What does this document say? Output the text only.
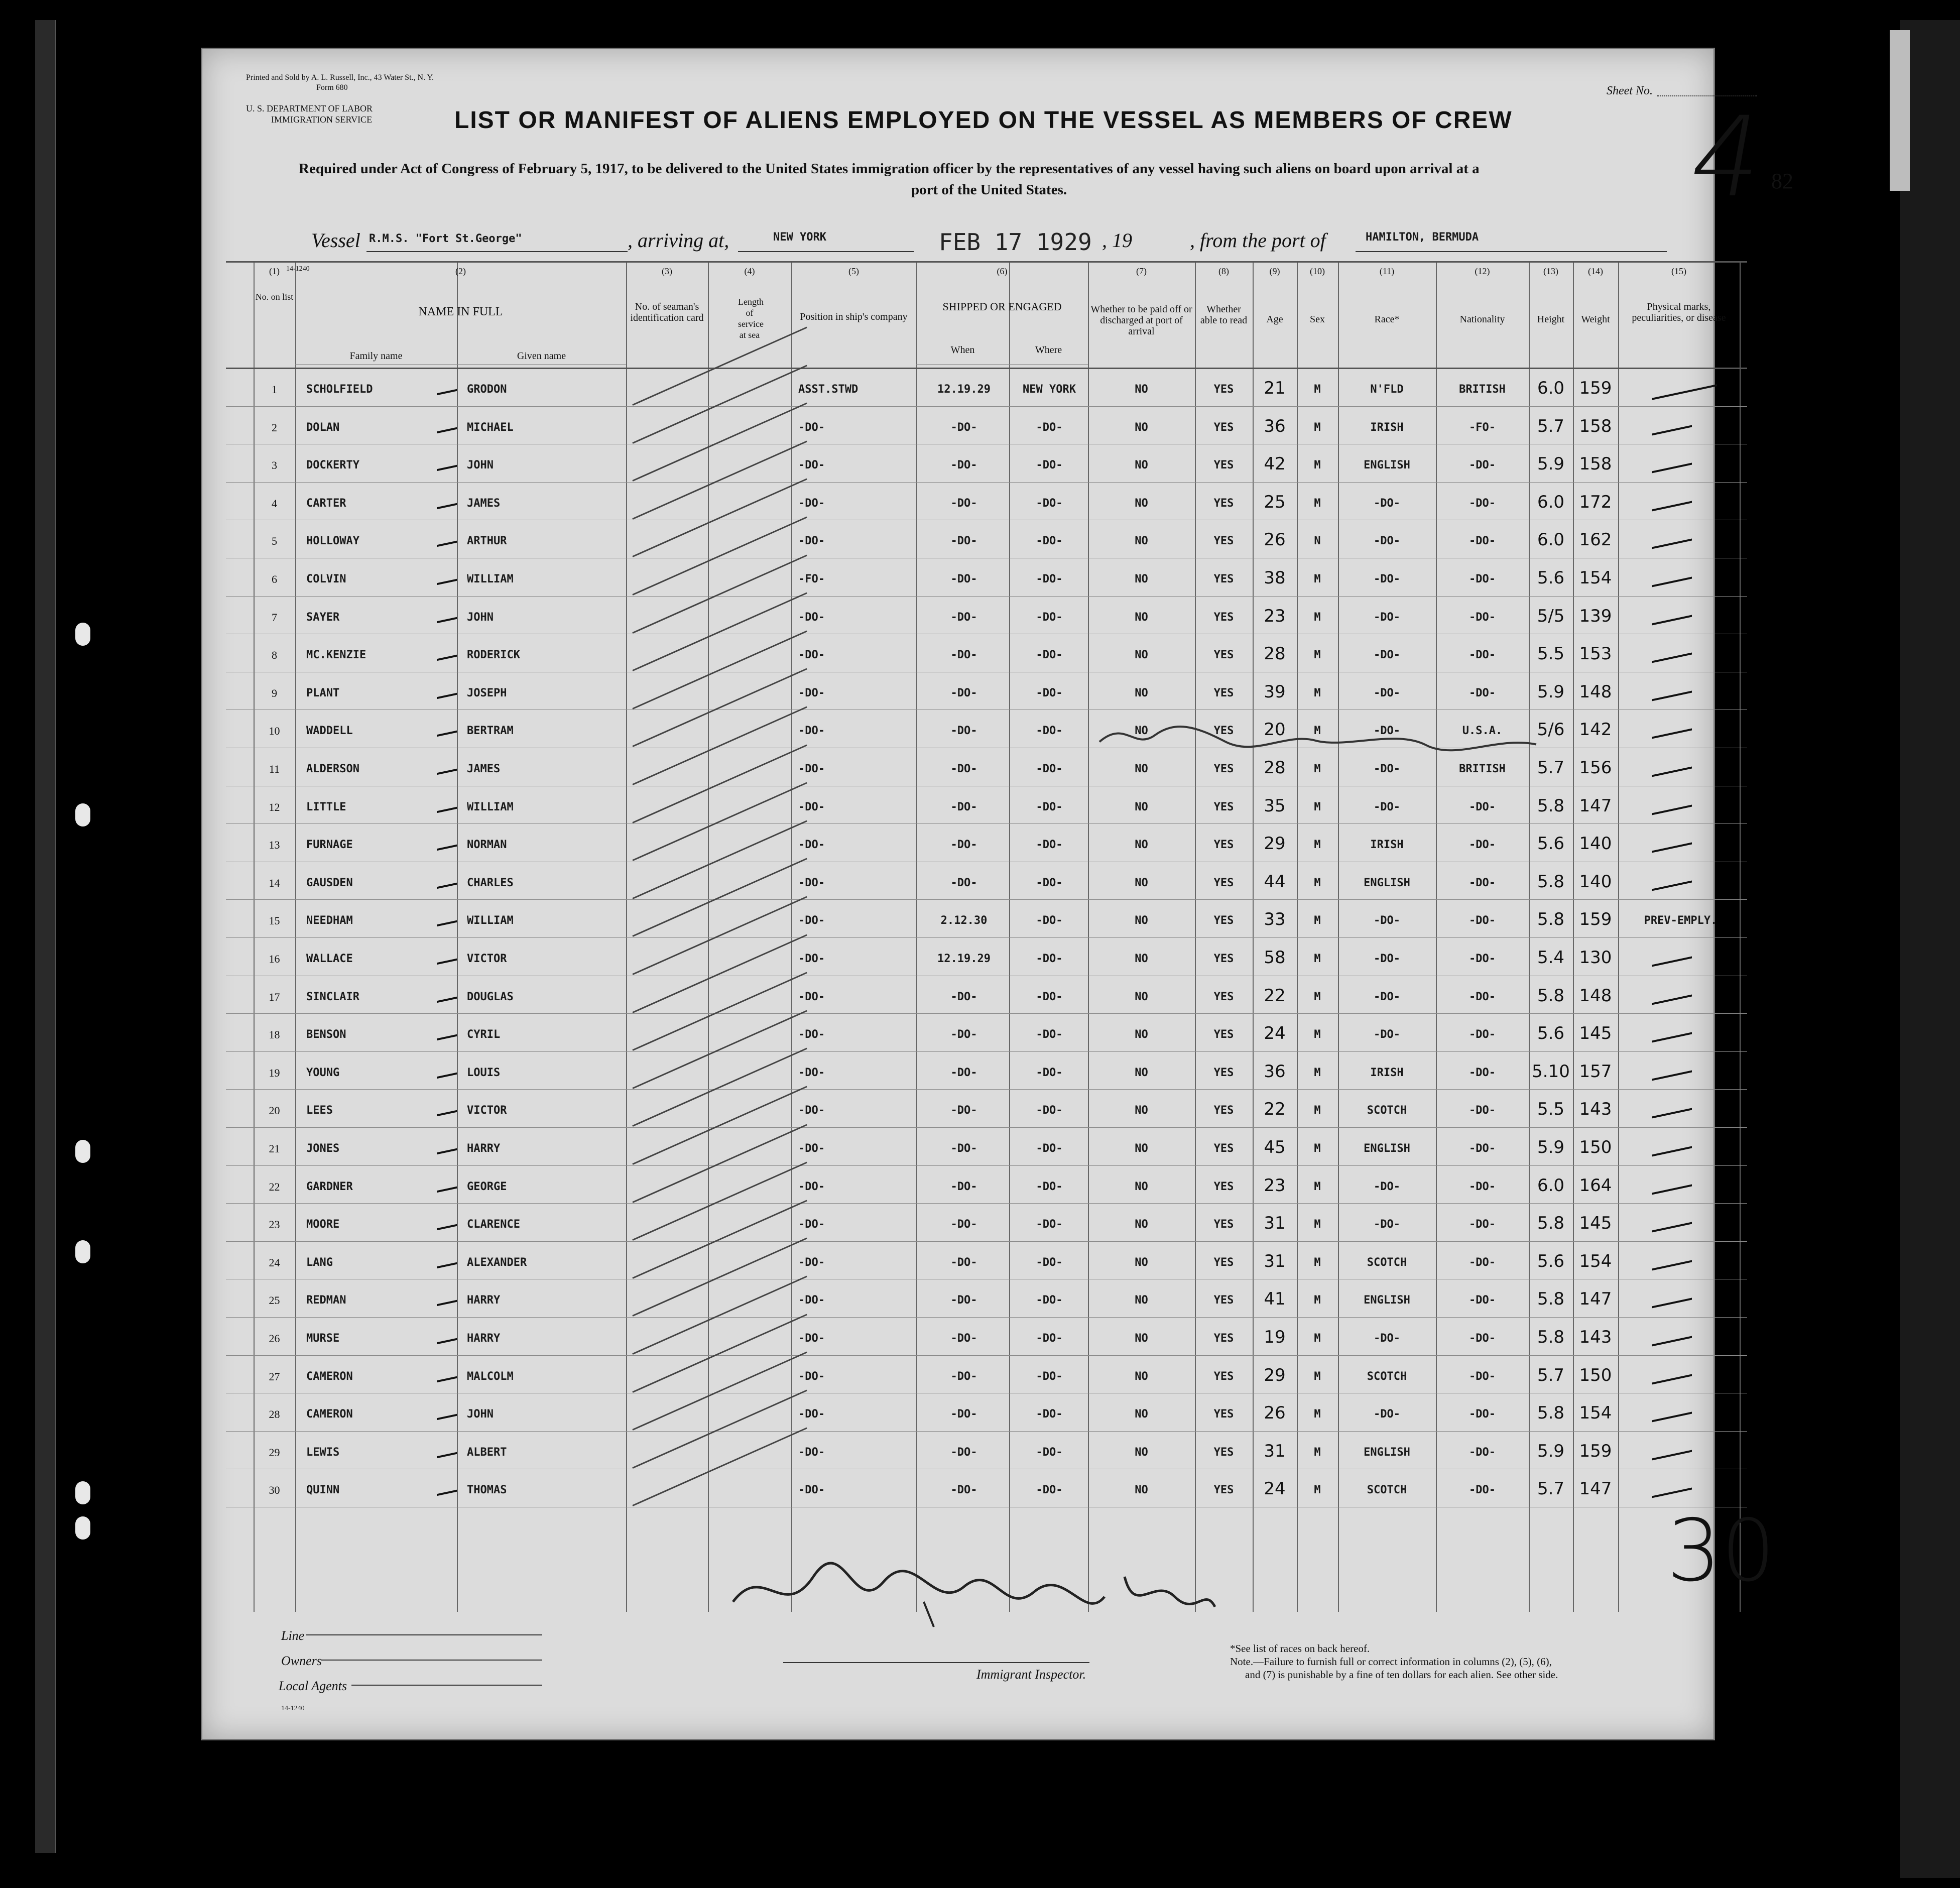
Printed and Sold by A. L. Russell, Inc., 43 Water St., N. Y.
Form 680
U. S. DEPARTMENT OF LABOR
IMMIGRATION SERVICE	LIST OR MANIFEST OF ALIENS EMPLOYED ON THE VESSEL AS MEMBERS OF CREW
Sheet No.
4
82
Required under Act of Congress of February 5, 1917, to be delivered to the United States immigration officer by the representatives of any vessel having such aliens on board upon arrival at a
port of the United States.
Vessel R.M.S. "Fort St.George"	, arriving at,	NEW YORK	FEB 17 1929 , 19	, from the port of	HAMILTON, BERMUDA
14-1240
(1)	(2)	(3)	(4)	(5)	(6)	(7)	(8)	(9)	(10)	(11)	(12)	(13)	(14)	(15)
No. on list
NAME IN FULL
Family name	Given name
No. of seaman's identification card
Length of service at sea
Position in ship's company
SHIPPED OR ENGAGED
When	Where
Whether to be paid off or discharged at port of arrival
Whether able to read	Age	Sex	Race*	Nationality	Height	Weight
Physical marks, peculiarities, or disease
1	SCHOLFIELD	GRODON	ASST.STWD	12.19.29	NEW YORK	NO	YES	21	M	N'FLD	BRITISH	6.0 159
2	DOLAN	MICHAEL	-DO-	-DO-	-DO-	NO	YES	36	M	IRISH	-FO-	5.7 158
3	DOCKERTY	JOHN	-DO-	-DO-	-DO-	NO	YES	42	M	ENGLISH	-DO-	5.9 158
4	CARTER	JAMES	-DO-	-DO-	-DO-	NO	YES	25	M	-DO-	-DO-	6.0 172
5	HOLLOWAY	ARTHUR	-DO-	-DO-	-DO-	NO	YES	26	N	-DO-	-DO-	6.0 162
6	COLVIN	WILLIAM	-FO-	-DO-	-DO-	NO	YES	38	M	-DO-	-DO-	5.6 154
7	SAYER	JOHN	-DO-	-DO-	-DO-	NO	YES	23	M	-DO-	-DO-	5/5 139
8	MC.KENZIE	RODERICK	-DO-	-DO-	-DO-	NO	YES	28	M	-DO-	-DO-	5.5 153
9	PLANT	JOSEPH	-DO-	-DO-	-DO-	NO	YES	39	M	-DO-	-DO-	5.9 148
10	WADDELL	BERTRAM	-DO-	-DO-	-DO-	NO	YES	20	M	-DO-	U.S.A.	5/6 142
11	ALDERSON	JAMES	-DO-	-DO-	-DO-	NO	YES	28	M	-DO-	BRITISH	5.7 156
12	LITTLE	WILLIAM	-DO-	-DO-	-DO-	NO	YES	35	M	-DO-	-DO-	5.8 147
13	FURNAGE	NORMAN	-DO-	-DO-	-DO-	NO	YES	29	M	IRISH	-DO-	5.6 140
14	GAUSDEN	CHARLES	-DO-	-DO-	-DO-	NO	YES	44	M	ENGLISH	-DO-	5.8 140
15	NEEDHAM	WILLIAM	-DO-	2.12.30	-DO-	NO	YES	33	M	-DO-	-DO-	5.8 159	PREV-EMPLY.
16	WALLACE	VICTOR	-DO-	12.19.29	-DO-	NO	YES	58	M	-DO-	-DO-	5.4 130
17	SINCLAIR	DOUGLAS	-DO-	-DO-	-DO-	NO	YES	22	M	-DO-	-DO-	5.8 148
18	BENSON	CYRIL	-DO-	-DO-	-DO-	NO	YES	24	M	-DO-	-DO-	5.6 145
19	YOUNG	LOUIS	-DO-	-DO-	-DO-	NO	YES	36	M	IRISH	-DO-	5.10 157
20	LEES	VICTOR	-DO-	-DO-	-DO-	NO	YES	22	M	SCOTCH	-DO-	5.5 143
21	JONES	HARRY	-DO-	-DO-	-DO-	NO	YES	45	M	ENGLISH	-DO-	5.9 150
22	GARDNER	GEORGE	-DO-	-DO-	-DO-	NO	YES	23	M	-DO-	-DO-	6.0 164
23	MOORE	CLARENCE	-DO-	-DO-	-DO-	NO	YES	31	M	-DO-	-DO-	5.8 145
24	LANG	ALEXANDER	-DO-	-DO-	-DO-	NO	YES	31	M	SCOTCH	-DO-	5.6 154
25	REDMAN	HARRY	-DO-	-DO-	-DO-	NO	YES	41	M	ENGLISH	-DO-	5.8 147
26	MURSE	HARRY	-DO-	-DO-	-DO-	NO	YES	19	M	-DO-	-DO-	5.8 143
27	CAMERON	MALCOLM	-DO-	-DO-	-DO-	NO	YES	29	M	SCOTCH	-DO-	5.7 150
28	CAMERON	JOHN	-DO-	-DO-	-DO-	NO	YES	26	M	-DO-	-DO-	5.8 154
29	LEWIS	ALBERT	-DO-	-DO-	-DO-	NO	YES	31	M	ENGLISH	-DO-	5.9 159
30	QUINN	THOMAS	-DO-	-DO-	-DO-	NO	YES	24	M	SCOTCH	-DO-	5.7 147
30
Line
Owners
Local Agents
14-1240
Immigrant Inspector.
*See list of races on back hereof.
Note.—Failure to furnish full or correct information in columns (2), (5), (6),
and (7) is punishable by a fine of ten dollars for each alien. See other side.
